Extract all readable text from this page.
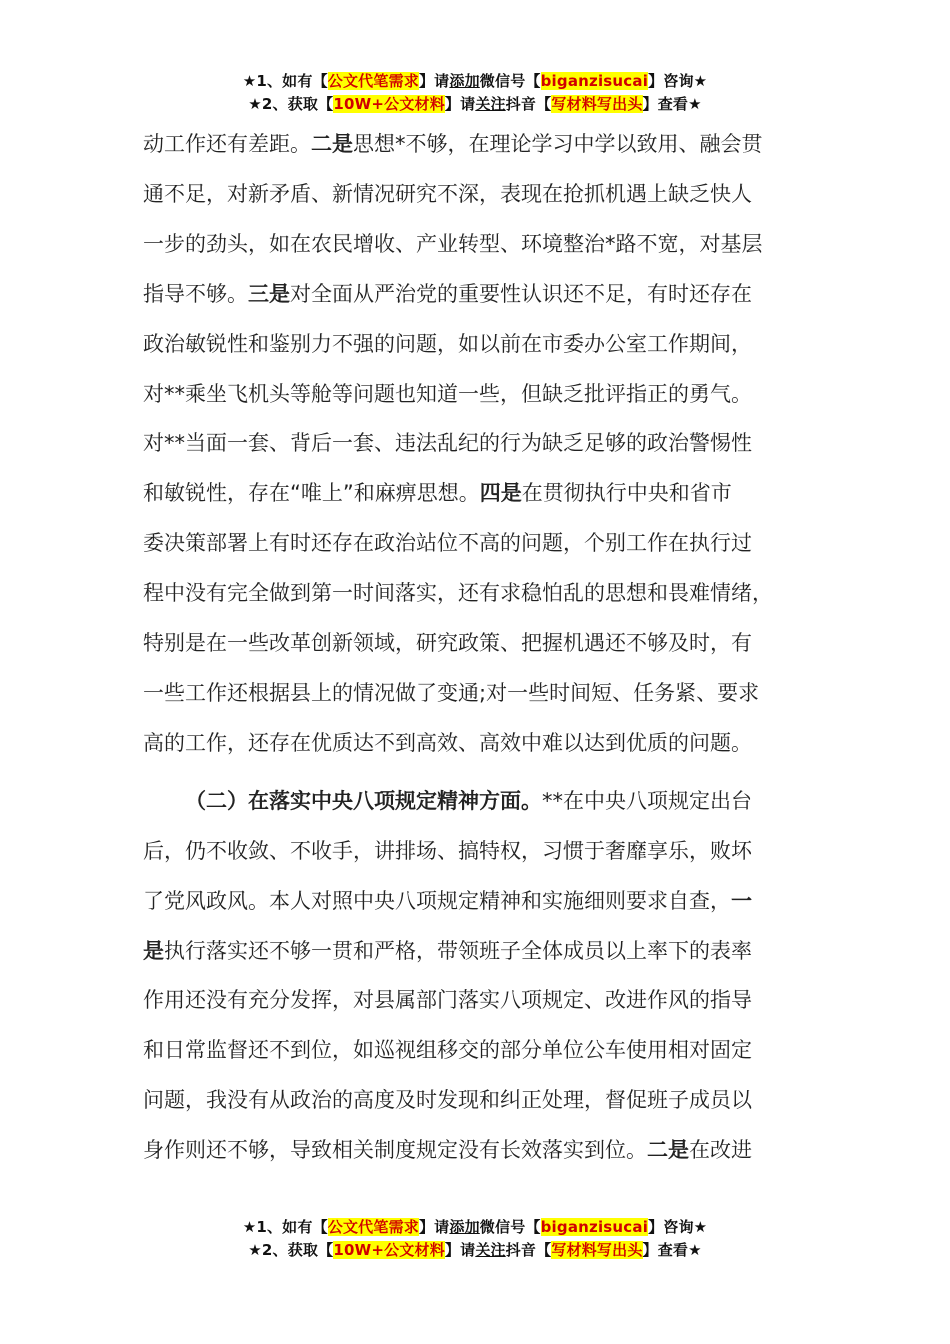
★1、如有【公文代笔需求】请添加微信号【biganzisucai】咨询★
★2、获取【10W+公文材料】请关注抖音【写材料写出头】查看★

动工作还有差距。二是思想*不够，在理论学习中学以致用、融会贯
通不足，对新矛盾、新情况研究不深，表现在抢抓机遇上缺乏快人
一步的劲头，如在农民增收、产业转型、环境整治*路不宽，对基层
指导不够。三是对全面从严治党的重要性认识还不足，有时还存在
政治敏锐性和鉴别力不强的问题，如以前在市委办公室工作期间，
对**乘坐飞机头等舱等问题也知道一些，但缺乏批评指正的勇气。
对**当面一套、背后一套、违法乱纪的行为缺乏足够的政治警惕性
和敏锐性，存在“唯上”和麻痹思想。四是在贯彻执行中央和省市
委决策部署上有时还存在政治站位不高的问题，个别工作在执行过
程中没有完全做到第一时间落实，还有求稳怕乱的思想和畏难情绪，
特别是在一些改革创新领域，研究政策、把握机遇还不够及时，有
一些工作还根据县上的情况做了变通;对一些时间短、任务紧、要求
高的工作，还存在优质达不到高效、高效中难以达到优质的问题。

（二）在落实中央八项规定精神方面。**在中央八项规定出台
后，仍不收敛、不收手，讲排场、搞特权，习惯于奢靡享乐，败坏
了党风政风。本人对照中央八项规定精神和实施细则要求自查，一
是执行落实还不够一贯和严格，带领班子全体成员以上率下的表率
作用还没有充分发挥，对县属部门落实八项规定、改进作风的指导
和日常监督还不到位，如巡视组移交的部分单位公车使用相对固定
问题，我没有从政治的高度及时发现和纠正处理，督促班子成员以
身作则还不够，导致相关制度规定没有长效落实到位。二是在改进

★1、如有【公文代笔需求】请添加微信号【biganzisucai】咨询★
★2、获取【10W+公文材料】请关注抖音【写材料写出头】查看★
